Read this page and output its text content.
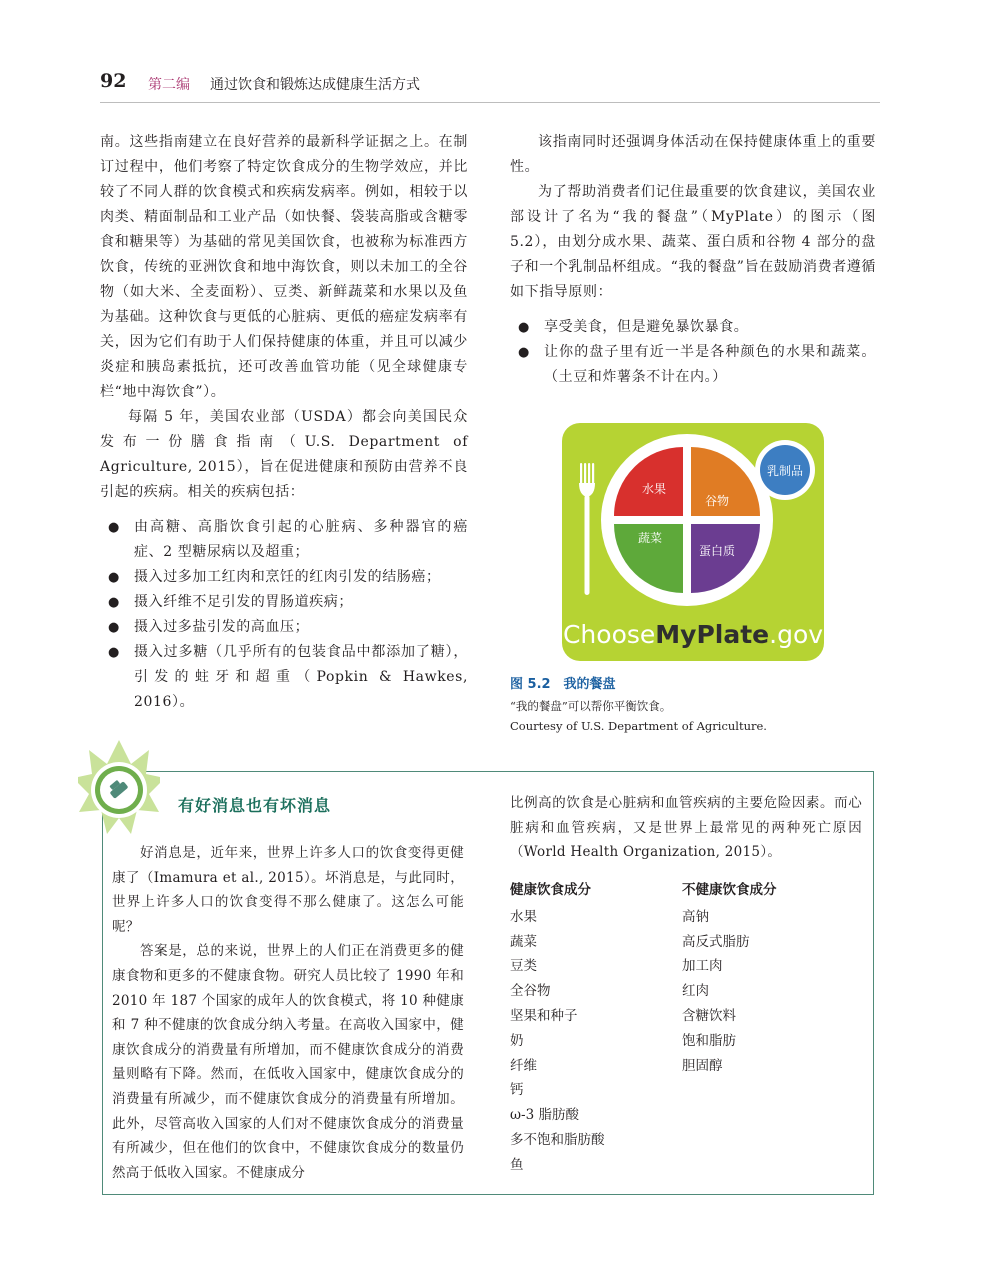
92 第二编 通过饮食和锻炼达成健康生活方式

南。这些指南建立在良好营养的最新科学证据之上。在制订过程中，他们考察了特定饮食成分的生物学效应，并比较了不同人群的饮食模式和疾病发病率。例如，相较于以肉类、精面制品和工业产品（如快餐、袋装高脂或含糖零食和糖果等）为基础的常见美国饮食，也被称为标准西方饮食，传统的亚洲饮食和地中海饮食，则以未加工的全谷物（如大米、全麦面粉）、豆类、新鲜蔬菜和水果以及鱼为基础。这种饮食与更低的心脏病、更低的癌症发病率有关，因为它们有助于人们保持健康的体重，并且可以减少炎症和胰岛素抵抗，还可改善血管功能（见全球健康专栏“地中海饮食”）。

每隔 5 年，美国农业部（USDA）都会向美国民众发布一份膳食指南（U.S. Department of Agriculture, 2015），旨在促进健康和预防由营养不良引起的疾病。相关的疾病包括：

● 由高糖、高脂饮食引起的心脏病、多种器官的癌症、2 型糖尿病以及超重；
● 摄入过多加工红肉和烹饪的红肉引发的结肠癌；
● 摄入纤维不足引发的胃肠道疾病；
● 摄入过多盐引发的高血压；
● 摄入过多糖（几乎所有的包装食品中都添加了糖），引发的蛀牙和超重（Popkin & Hawkes, 2016）。

该指南同时还强调身体活动在保持健康体重上的重要性。

为了帮助消费者们记住最重要的饮食建议，美国农业部设计了名为“我的餐盘”（MyPlate）的图示（图 5.2），由划分成水果、蔬菜、蛋白质和谷物 4 部分的盘子和一个乳制品杯组成。“我的餐盘”旨在鼓励消费者遵循如下指导原则：

● 享受美食，但是避免暴饮暴食。
● 让你的盘子里有近一半是各种颜色的水果和蔬菜。（土豆和炸薯条不计在内。）
水果
谷物
蔬菜
蛋白质
乳制品
ChooseMyPlate.gov
图 5.2　我的餐盘
“我的餐盘”可以帮你平衡饮食。
Courtesy of U.S. Department of Agriculture.
有好消息也有坏消息

好消息是，近年来，世界上许多人口的饮食变得更健康了（Imamura et al., 2015）。坏消息是，与此同时，世界上许多人口的饮食变得不那么健康了。这怎么可能呢？

答案是，总的来说，世界上的人们正在消费更多的健康食物和更多的不健康食物。研究人员比较了 1990 年和 2010 年 187 个国家的成年人的饮食模式，将 10 种健康和 7 种不健康的饮食成分纳入考量。在高收入国家中，健康饮食成分的消费量有所增加，而不健康饮食成分的消费量则略有下降。然而，在低收入国家中，健康饮食成分的消费量有所减少，而不健康饮食成分的消费量有所增加。此外，尽管高收入国家的人们对不健康饮食成分的消费量有所减少，但在他们的饮食中，不健康饮食成分的数量仍然高于低收入国家。不健康成分

比例高的饮食是心脏病和血管疾病的主要危险因素。而心脏病和血管疾病，又是世界上最常见的两种死亡原因（World Health Organization, 2015）。

健康饮食成分
水果
蔬菜
豆类
全谷物
坚果和种子
奶
纤维
钙
ω-3 脂肪酸
多不饱和脂肪酸
鱼
不健康饮食成分
高钠
高反式脂肪
加工肉
红肉
含糖饮料
饱和脂肪
胆固醇
